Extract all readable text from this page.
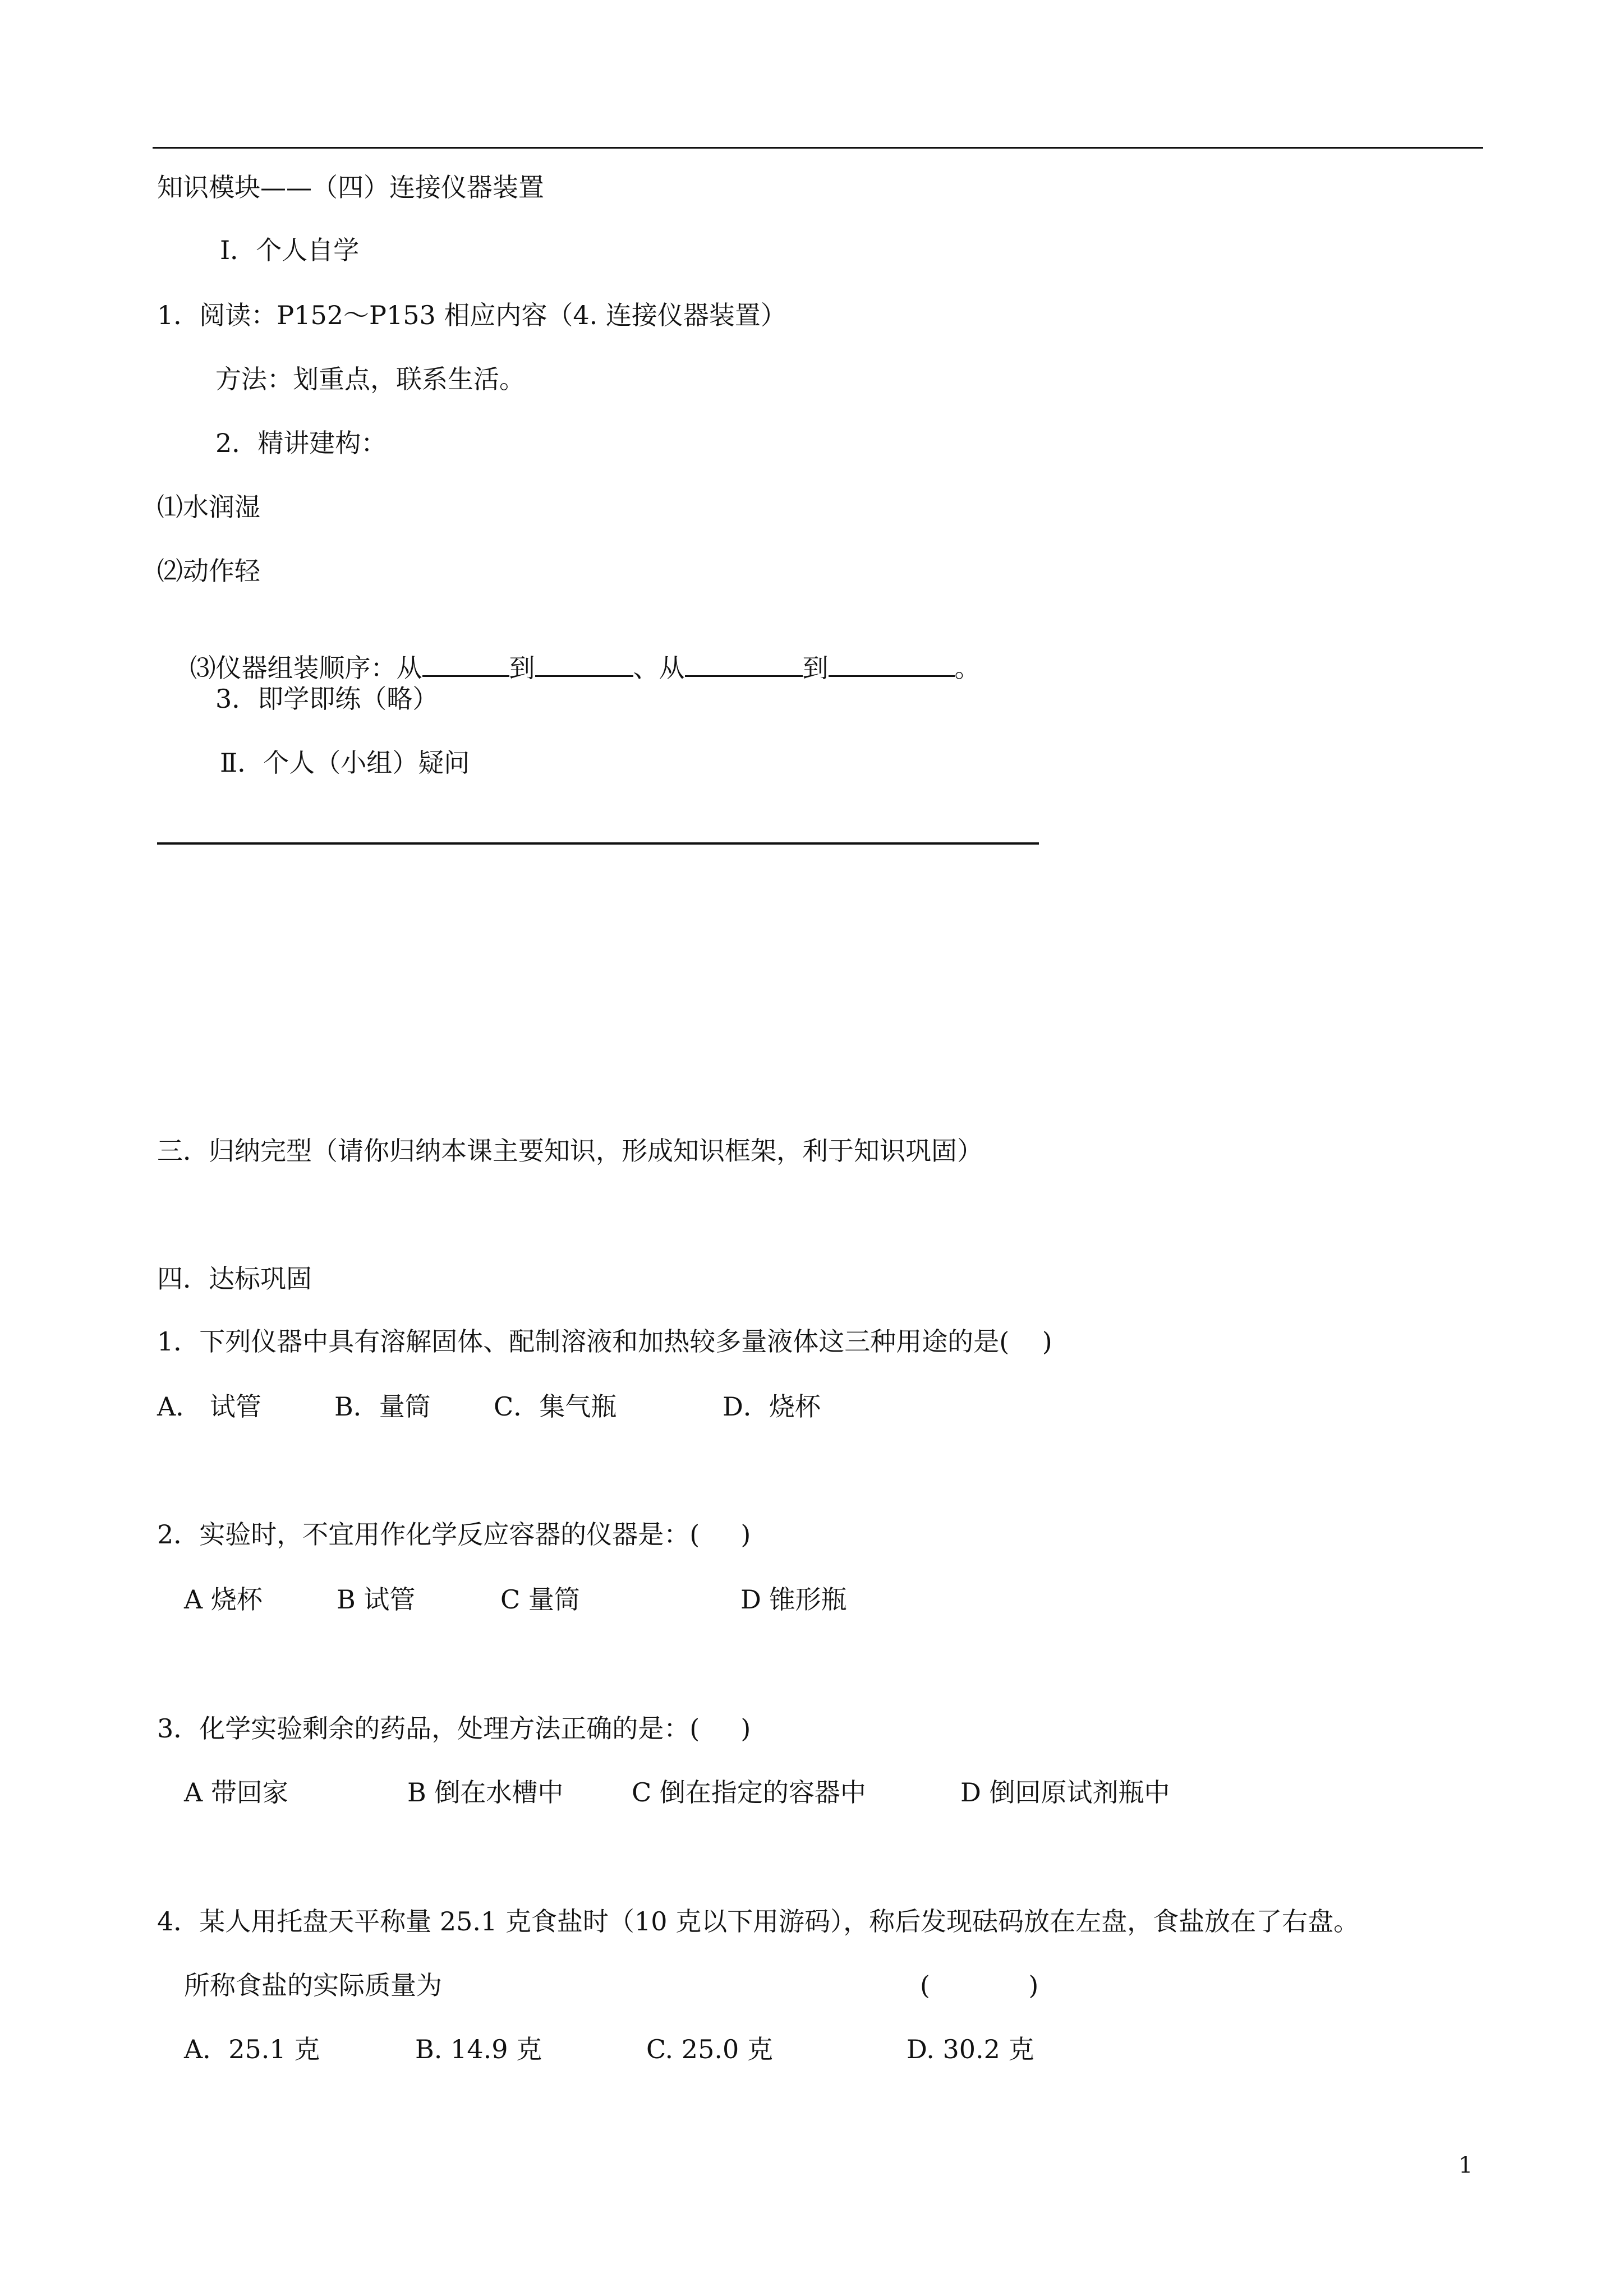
知识模块——（四）连接仪器装置
Ⅰ．个人自学
1．阅读：P152～P153 相应内容（4. 连接仪器装置）
方法：划重点，联系生活。
2．精讲建构：
⑴水润湿
⑵动作轻

⑶仪器组装顺序：从	到	、从	到	。

3．即学即练（略）
Ⅱ．个人（小组）疑问
三．归纳完型（请你归纳本课主要知识，形成知识框架，利于知识巩固）
四．达标巩固
1．下列仪器中具有溶解固体、配制溶液和加热较多量液体这三种用途的是(    )
A． 试管	B．量筒 C．集气瓶	D．烧杯
2．实验时，不宜用作化学反应容器的仪器是：(     )
A 烧杯	B 试管	C 量筒	D 锥形瓶
3．化学实验剩余的药品，处理方法正确的是：(     )
A 带回家	B 倒在水槽中	C 倒在指定的容器中	D 倒回原试剂瓶中
4．某人用托盘天平称量 25.1 克食盐时（10 克以下用游码），称后发现砝码放在左盘，食盐放在了右盘。
所称食盐的实际质量为	(            )
A．25.1 克	B. 14.9 克	C. 25.0 克	D. 30.2 克
1
